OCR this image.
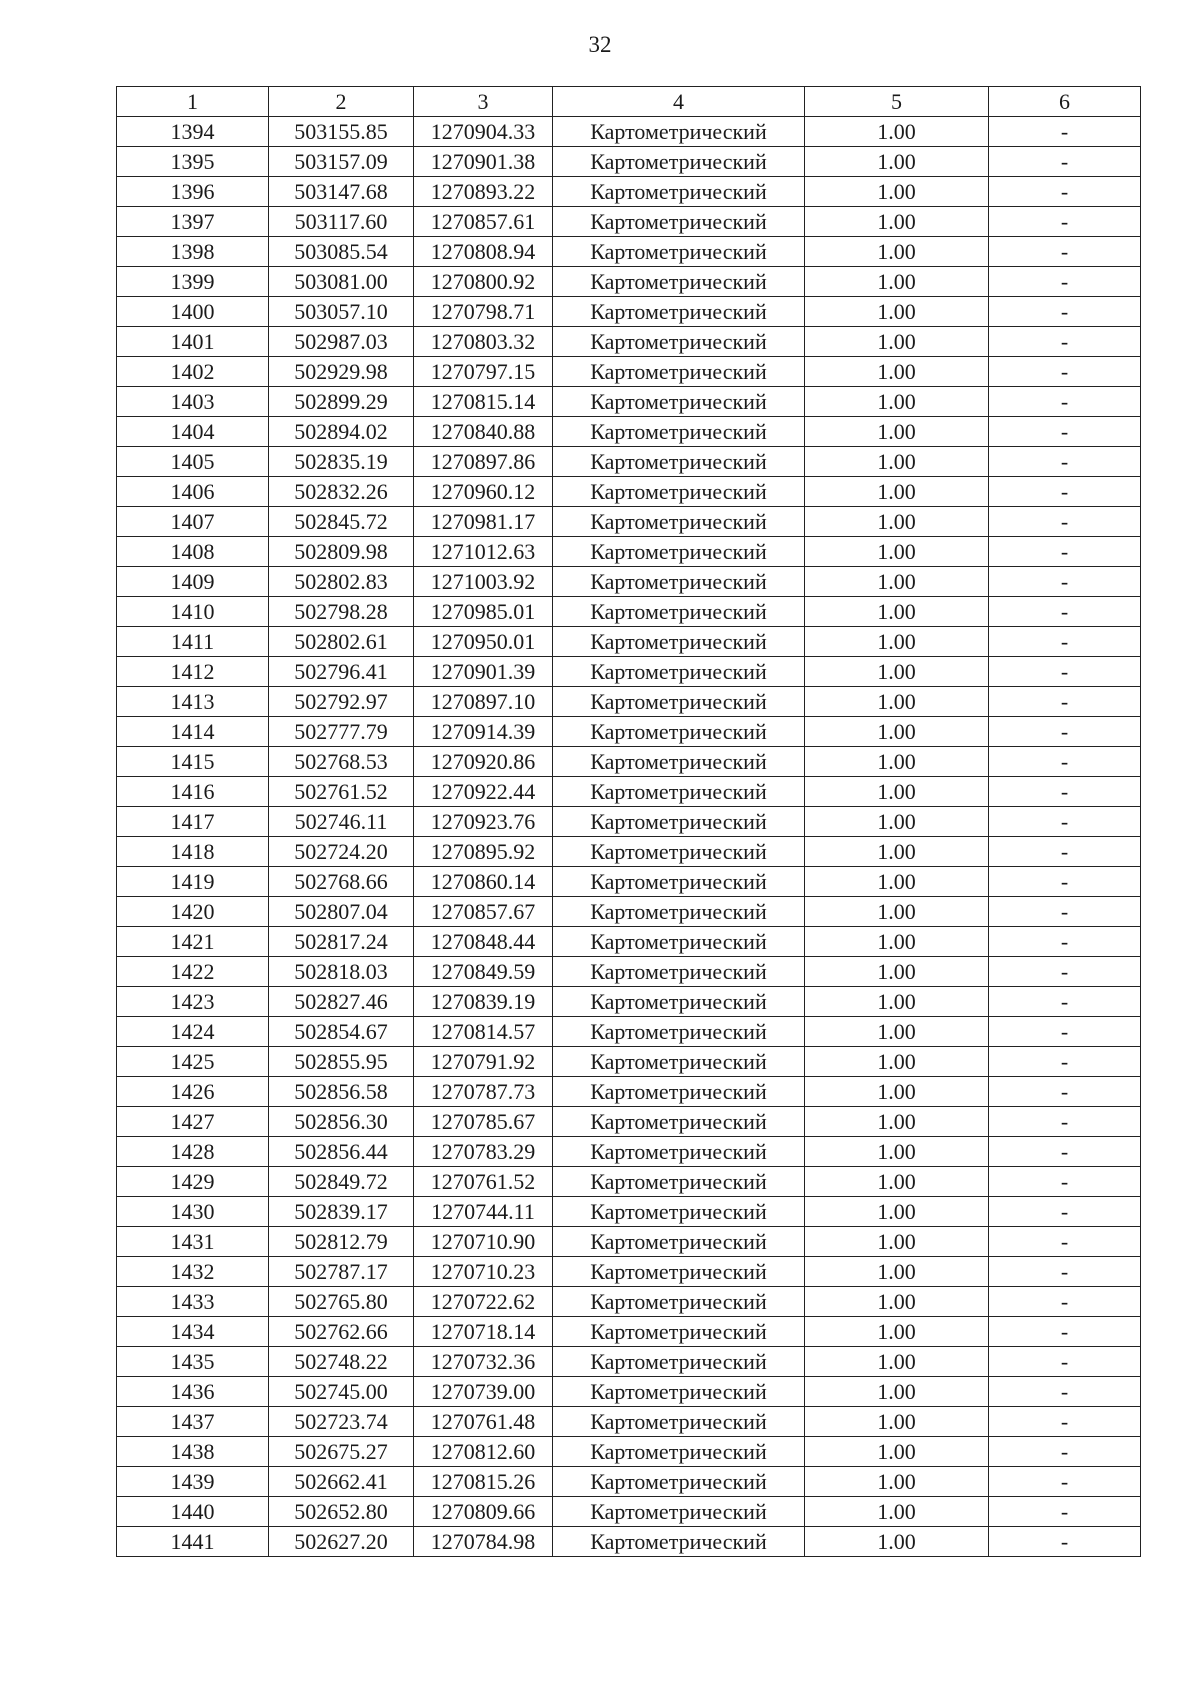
32
1	2	3	4	5	6
1394	503155.85	1270904.33	Картометрический	1.00	-
1395	503157.09	1270901.38	Картометрический	1.00	-
1396	503147.68	1270893.22	Картометрический	1.00	-
1397	503117.60	1270857.61	Картометрический	1.00	-
1398	503085.54	1270808.94	Картометрический	1.00	-
1399	503081.00	1270800.92	Картометрический	1.00	-
1400	503057.10	1270798.71	Картометрический	1.00	-
1401	502987.03	1270803.32	Картометрический	1.00	-
1402	502929.98	1270797.15	Картометрический	1.00	-
1403	502899.29	1270815.14	Картометрический	1.00	-
1404	502894.02	1270840.88	Картометрический	1.00	-
1405	502835.19	1270897.86	Картометрический	1.00	-
1406	502832.26	1270960.12	Картометрический	1.00	-
1407	502845.72	1270981.17	Картометрический	1.00	-
1408	502809.98	1271012.63	Картометрический	1.00	-
1409	502802.83	1271003.92	Картометрический	1.00	-
1410	502798.28	1270985.01	Картометрический	1.00	-
1411	502802.61	1270950.01	Картометрический	1.00	-
1412	502796.41	1270901.39	Картометрический	1.00	-
1413	502792.97	1270897.10	Картометрический	1.00	-
1414	502777.79	1270914.39	Картометрический	1.00	-
1415	502768.53	1270920.86	Картометрический	1.00	-
1416	502761.52	1270922.44	Картометрический	1.00	-
1417	502746.11	1270923.76	Картометрический	1.00	-
1418	502724.20	1270895.92	Картометрический	1.00	-
1419	502768.66	1270860.14	Картометрический	1.00	-
1420	502807.04	1270857.67	Картометрический	1.00	-
1421	502817.24	1270848.44	Картометрический	1.00	-
1422	502818.03	1270849.59	Картометрический	1.00	-
1423	502827.46	1270839.19	Картометрический	1.00	-
1424	502854.67	1270814.57	Картометрический	1.00	-
1425	502855.95	1270791.92	Картометрический	1.00	-
1426	502856.58	1270787.73	Картометрический	1.00	-
1427	502856.30	1270785.67	Картометрический	1.00	-
1428	502856.44	1270783.29	Картометрический	1.00	-
1429	502849.72	1270761.52	Картометрический	1.00	-
1430	502839.17	1270744.11	Картометрический	1.00	-
1431	502812.79	1270710.90	Картометрический	1.00	-
1432	502787.17	1270710.23	Картометрический	1.00	-
1433	502765.80	1270722.62	Картометрический	1.00	-
1434	502762.66	1270718.14	Картометрический	1.00	-
1435	502748.22	1270732.36	Картометрический	1.00	-
1436	502745.00	1270739.00	Картометрический	1.00	-
1437	502723.74	1270761.48	Картометрический	1.00	-
1438	502675.27	1270812.60	Картометрический	1.00	-
1439	502662.41	1270815.26	Картометрический	1.00	-
1440	502652.80	1270809.66	Картометрический	1.00	-
1441	502627.20	1270784.98	Картометрический	1.00	-
